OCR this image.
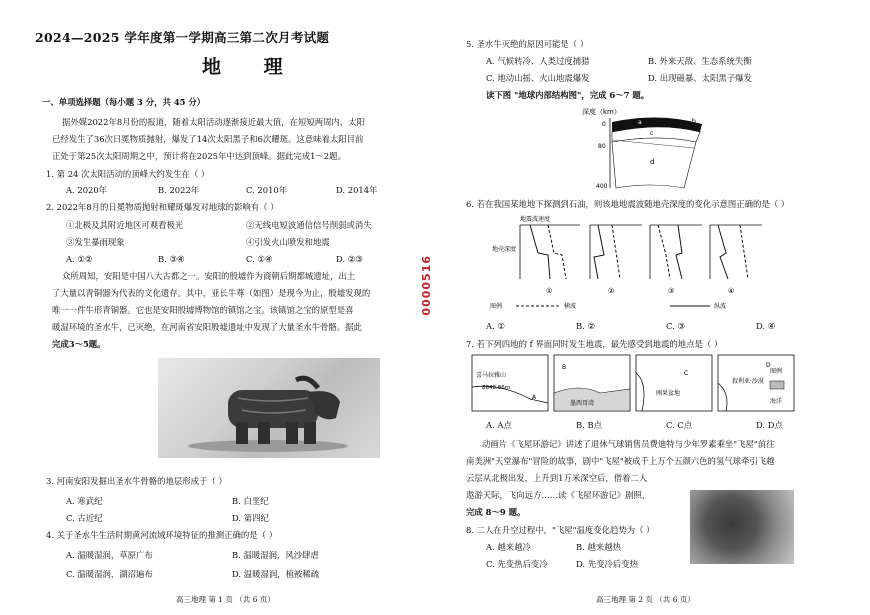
2024—2025 学年度第一学期高三第二次月考试题
地 理
一、单项选择题（每小题 3 分，共 45 分）
据外媒2022年8月份的报道，随着太阳活动逐渐接近最大值，在短短两周内，太阳
已经发生了36次日冕物质抛射，爆发了14次太阳黑子和6次耀斑。这意味着太阳目前
正处于第25次太阳周期之中，预计将在2025年中达到顶峰。据此完成1～2题。
1. 第 24 次太阳活动的顶峰大约发生在（ ）
A. 2020年	B. 2022年	C. 2010年	D. 2014年
2. 2022年8月的日冕物质抛射和耀斑爆发对地球的影响有（ ）
①北极及其附近地区可观看极光	②无线电短波通信信号削弱或消失
③发生暴雨现象	④引发火山喷发和地震
A. ①②	B. ③④	C. ①④	D. ②③
众所周知，安阳是中国八大古都之一。安阳的殷墟作为商朝后期都城遗址，出土
了大量以青铜器为代表的文化遗存。其中，亚长牛尊（如图）是现今为止，殷墟发现的
唯一一件牛形青铜器。它也是安阳殷墟博物馆的镇馆之宝。该镇馆之宝的原型是喜
暖湿环境的圣水牛，已灭绝，在河南省安阳殷墟遗址中发现了大量圣水牛骨骼。据此
完成3～5题。
3. 河南安阳发掘出圣水牛骨骼的地层形成于（ ）
A. 寒武纪	B. 白垩纪
C. 古近纪	D. 第四纪
4. 关于圣水牛生活时期黄河流域环境特征的推测正确的是（ ）
A. 温暖湿润，草原广布	B. 温暖湿润，风沙肆虐
C. 温暖湿润，湖沼遍布	D. 温暖湿润，植被稀疏
高三地理 第 1 页 （共 6 页）
0000516
5. 圣水牛灭绝的原因可能是（ ）
A. 气候转冷、人类过度捕猎	B. 外来天敌、生态系统失衡
C. 地动山摇、火山地震爆发	D. 出现磁暴、太阳黑子爆发
读下图 "地球内部结构图"，完成 6～7 题。
深度（km）
0
80
400
a	b
c
d
6. 若在我国某地地下探测到石油，则该地地震波随地壳深度的变化示意图正确的是（ ）
地震波速度
地壳深度
①	②	③	④
图例	横波	纵波
A. ①	B. ②	C. ③	D. ④
7. 若下列四地的 f 界面同时发生地震，最先感受到地震的地点是（ ）
8848.86m
喜马拉雅山
A
墨西哥湾
B
刚果盆地
C
叙利亚·沙漠
D
图例
海洋
A. A点	B. B点	C. C点	D. D点
动画片《飞屋环游记》讲述了退休气球销售员费迪特与少年罗素乘坐"飞屋"前往
南美洲"天堂瀑布"冒险的故事，剧中"飞屋"被成千上万个五颜六色的氢气球牵引飞越
云层从北极出发，上升到1万米深空后，借着二人
遨游天际，飞向远方……读《飞屋环游记》剧照，
完成 8～9 题。
8. 二人在升空过程中，"飞屋"温度变化趋势为（ ）
A. 越来越冷	B. 越来越热
C. 先变热后变冷	D. 先变冷后变热
高三地理 第 2 页 （共 6 页）
